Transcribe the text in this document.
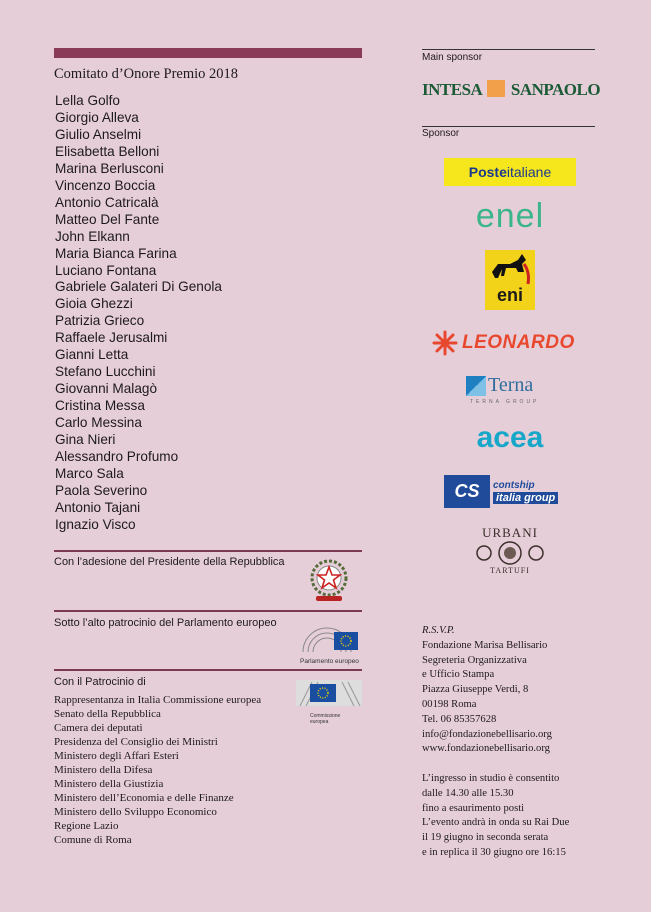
Comitato d’Onore Premio 2018
Lella Golfo
Giorgio Alleva
Giulio Anselmi
Elisabetta Belloni
Marina Berlusconi
Vincenzo Boccia
Antonio Catricalà
Matteo Del Fante
John Elkann
Maria Bianca Farina
Luciano Fontana
Gabriele Galateri Di Genola
Gioia Ghezzi
Patrizia Grieco
Raffaele Jerusalmi
Gianni Letta
Stefano Lucchini
Giovanni Malagò
Cristina Messa
Carlo Messina
Gina Nieri
Alessandro Profumo
Marco Sala
Paola Severino
Antonio Tajani
Ignazio Visco
Con l’adesione del Presidente della Repubblica
Sotto l’alto patrocinio del Parlamento europeo
Parlamento europeo
Con il Patrocinio di
Rappresentanza in Italia Commissione europea
Senato della Repubblica
Camera dei deputati
Presidenza del Consiglio dei Ministri
Ministero degli Affari Esteri
Ministero della Difesa
Ministero della Giustizia
Ministero dell’Economia e delle Finanze
Ministero dello Sviluppo Economico
Regione Lazio
Comune di Roma
Commissione europea
Main sponsor
INTESA SANPAOLO
Sponsor
Poste italiane
enel
eni
LEONARDO
Terna
TERNA GROUP
acea
CS	contship
italia group
URBANI
TARTUFI
R.S.V.P.
Fondazione Marisa Bellisario
Segreteria Organizzativa
e Ufficio Stampa
Piazza Giuseppe Verdi, 8
00198 Roma
Tel. 06 85357628
info@fondazionebellisario.org
www.fondazionebellisario.org
L’ingresso in studio è consentito
dalle 14.30 alle 15.30
fino a esaurimento posti
L’evento andrà in onda su Rai Due
il 19 giugno in seconda serata
e in replica il 30 giugno ore 16:15
